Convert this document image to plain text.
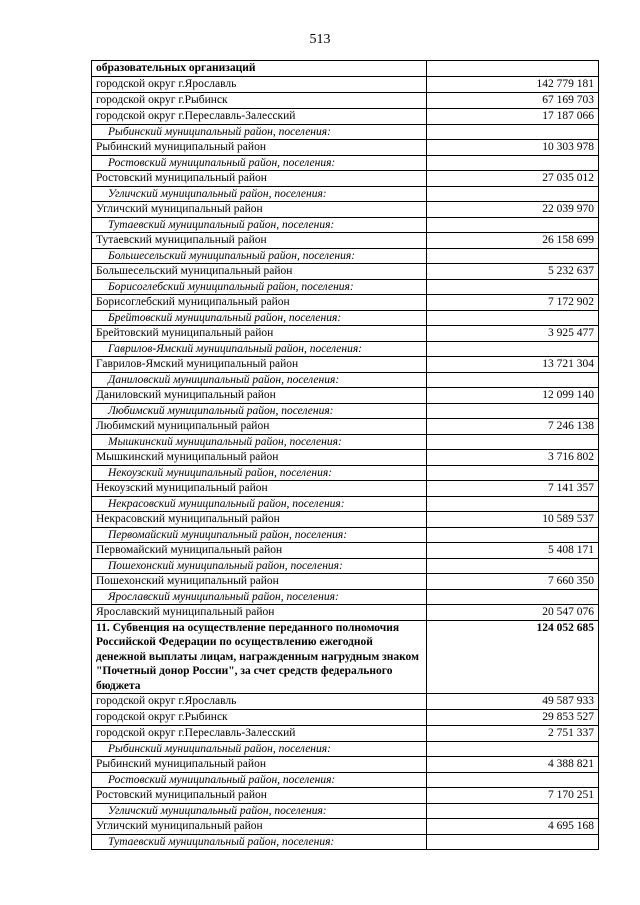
513
образовательных организаций	
городской округ г.Ярославль	142 779 181
городской округ г.Рыбинск	67 169 703
городской округ г.Переславль-Залесский	17 187 066
Рыбинский муниципальный район, поселения:	
Рыбинский муниципальный район	10 303 978
Ростовский муниципальный район, поселения:	
Ростовский муниципальный район	27 035 012
Угличский муниципальный район, поселения:	
Угличский муниципальный район	22 039 970
Тутаевский муниципальный район, поселения:	
Тутаевский муниципальный район	26 158 699
Большесельский муниципальный район, поселения:	
Большесельский муниципальный район	5 232 637
Борисоглебский муниципальный район, поселения:	
Борисоглебский муниципальный район	7 172 902
Брейтовский муниципальный район, поселения:	
Брейтовский муниципальный район	3 925 477
Гаврилов-Ямский муниципальный район, поселения:	
Гаврилов-Ямский муниципальный район	13 721 304
Даниловский муниципальный район, поселения:	
Даниловский муниципальный район	12 099 140
Любимский муниципальный район, поселения:	
Любимский муниципальный район	7 246 138
Мышкинский муниципальный район, поселения:	
Мышкинский муниципальный район	3 716 802
Некоузский муниципальный район, поселения:	
Некоузский муниципальный район	7 141 357
Некрасовский муниципальный район, поселения:	
Некрасовский муниципальный район	10 589 537
Первомайский муниципальный район, поселения:	
Первомайский муниципальный район	5 408 171
Пошехонский муниципальный район, поселения:	
Пошехонский муниципальный район	7 660 350
Ярославский муниципальный район, поселения:	
Ярославский муниципальный район	20 547 076
11. Субвенция на осуществление переданного полномочия Российской Федерации по осуществлению ежегодной денежной выплаты лицам, награжденным нагрудным знаком "Почетный донор России", за счет средств федерального бюджета	124 052 685
городской округ г.Ярославль	49 587 933
городской округ г.Рыбинск	29 853 527
городской округ г.Переславль-Залесский	2 751 337
Рыбинский муниципальный район, поселения:	
Рыбинский муниципальный район	4 388 821
Ростовский муниципальный район, поселения:	
Ростовский муниципальный район	7 170 251
Угличский муниципальный район, поселения:	
Угличский муниципальный район	4 695 168
Тутаевский муниципальный район, поселения:	
